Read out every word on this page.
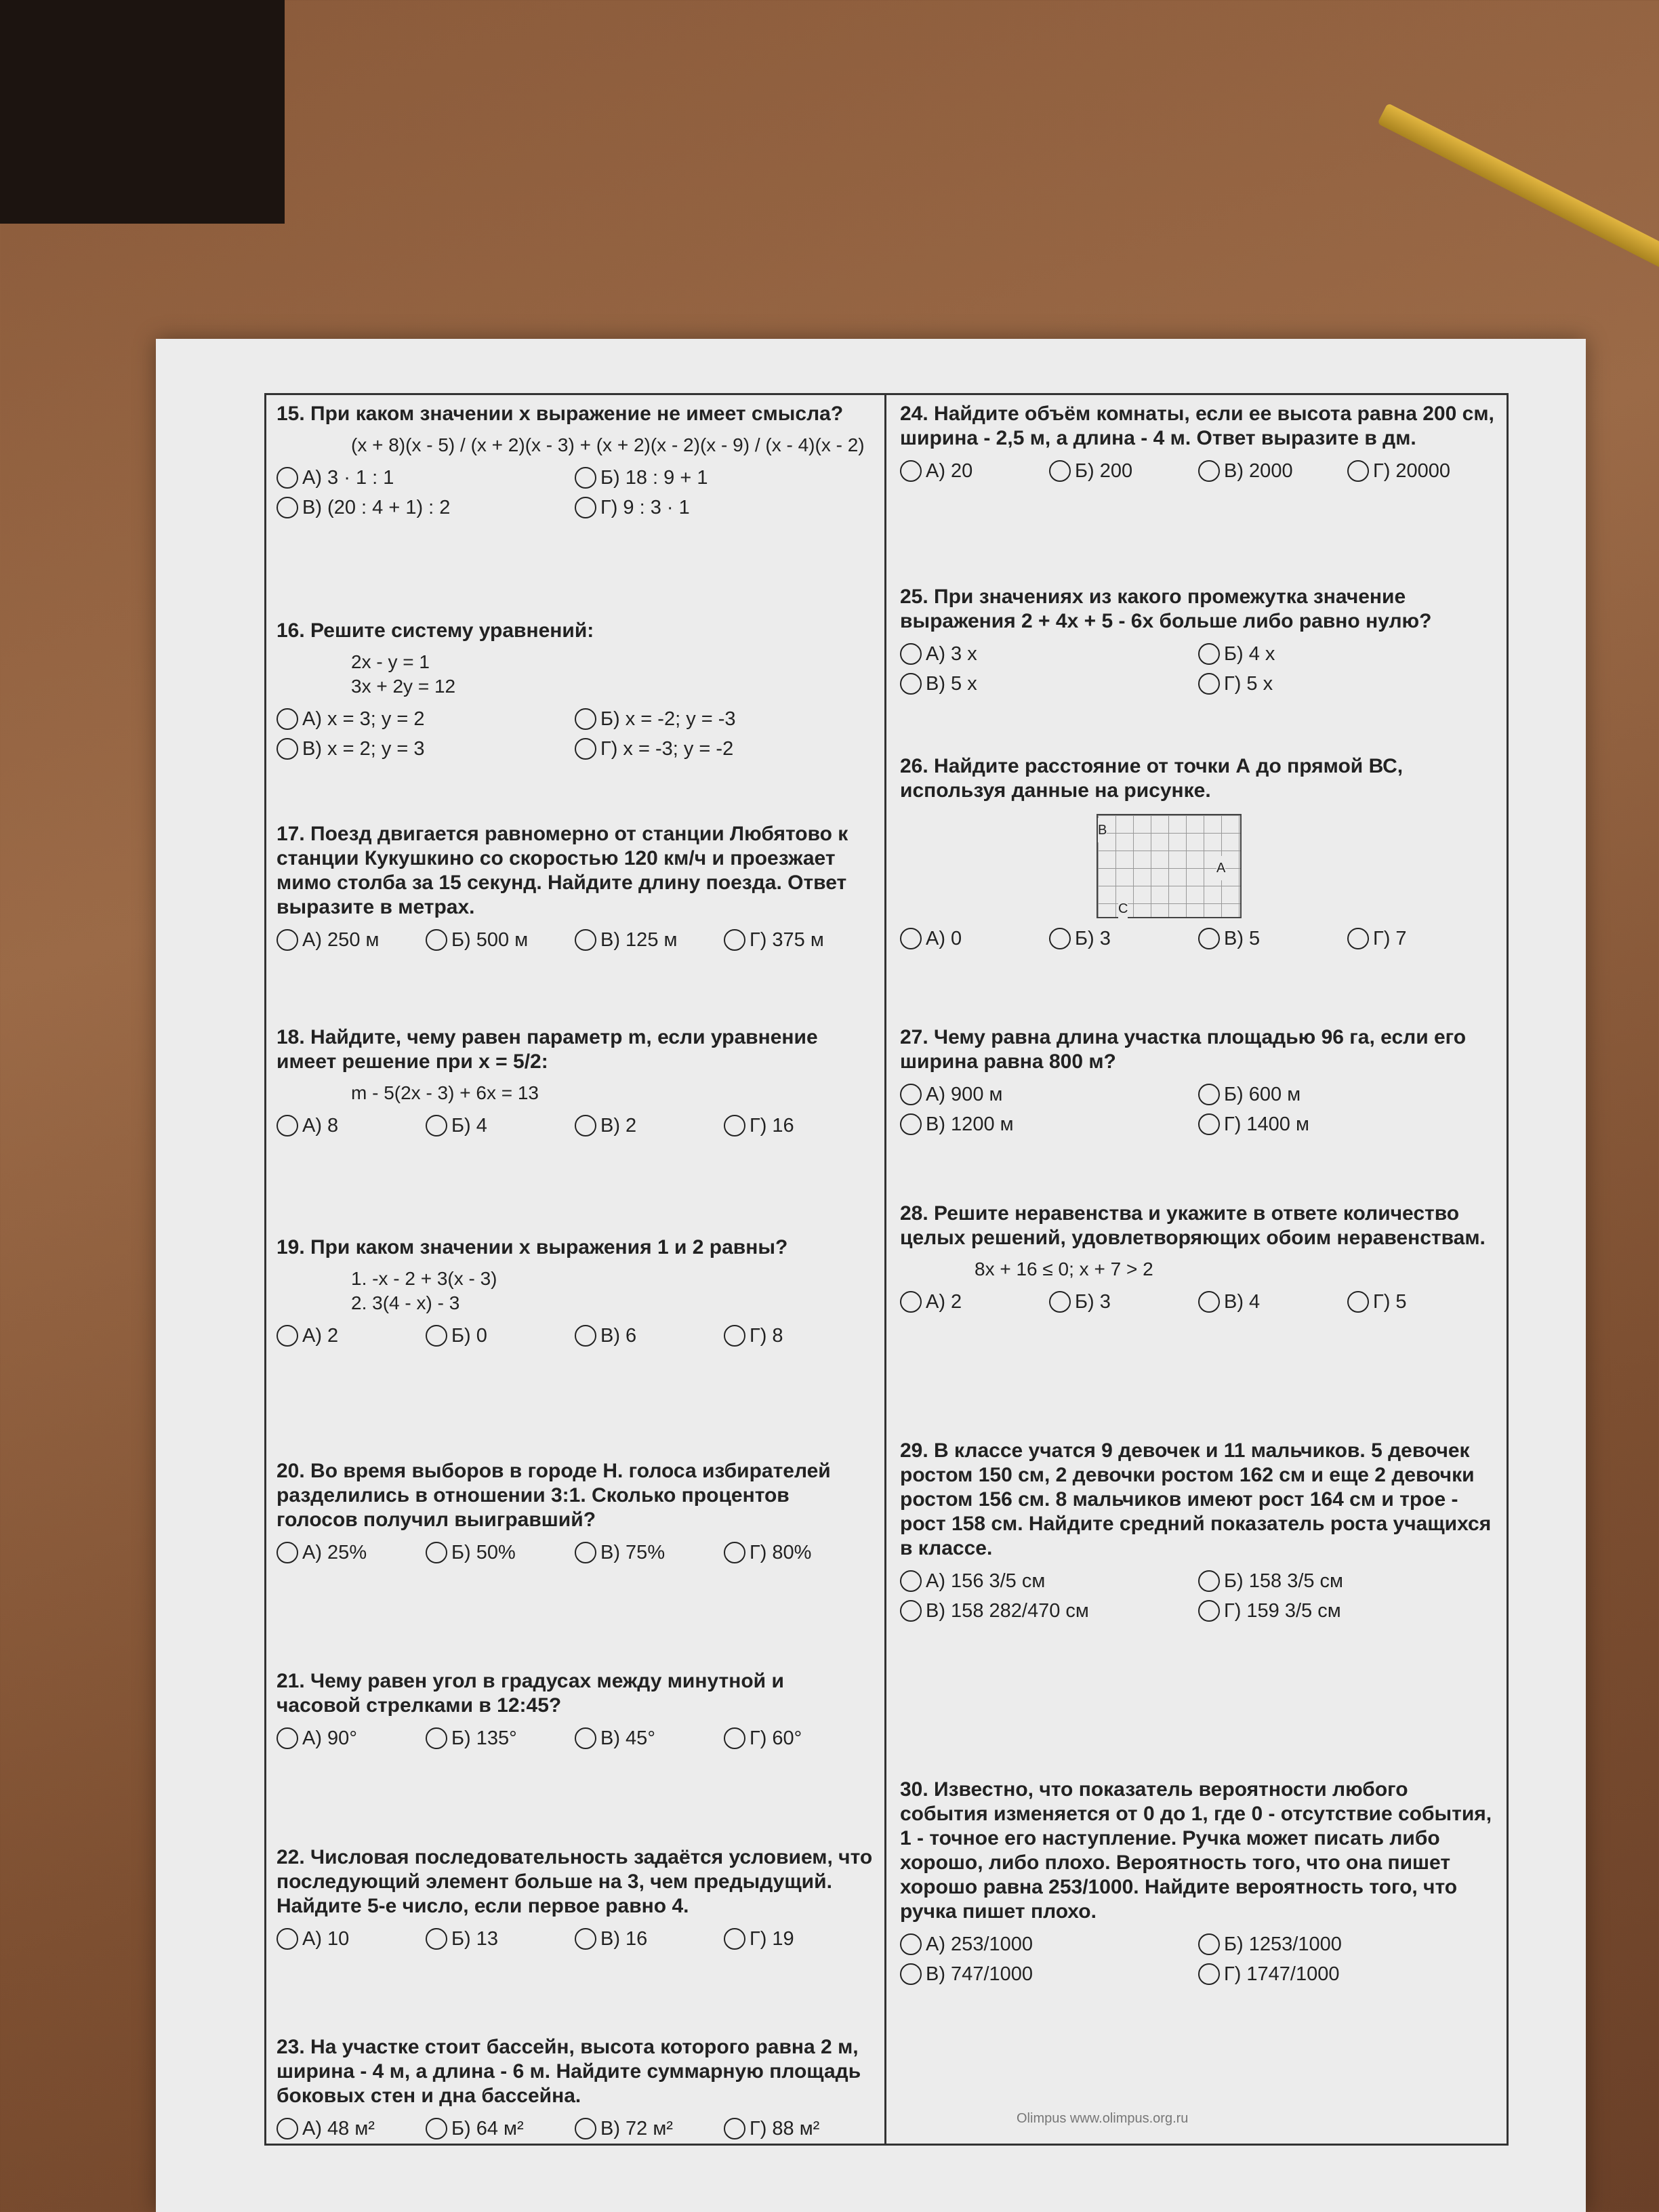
15. При каком значении x выражение не имеет смысла?
(x + 8)(x - 5) / (x + 2)(x - 3) + (x + 2)(x - 2)(x - 9) / (x - 4)(x - 2)
А) 3 · 1 : 1	Б) 18 : 9 + 1
В) (20 : 4 + 1) : 2	Г) 9 : 3 · 1
16. Решите систему уравнений:
2x - y = 1
3x + 2y = 12
А) x = 3; y = 2	Б) x = -2; y = -3
В) x = 2; y = 3	Г) x = -3; y = -2
17. Поезд двигается равномерно от станции Любятово к станции Кукушкино со скоростью 120 км/ч и проезжает мимо столба за 15 секунд. Найдите длину поезда. Ответ выразите в метрах.
А) 250 м	Б) 500 м	В) 125 м	Г) 375 м
18. Найдите, чему равен параметр m, если уравнение имеет решение при x = 5/2:
m - 5(2x - 3) + 6x = 13
А) 8	Б) 4	В) 2	Г) 16
19. При каком значении x выражения 1 и 2 равны?
1. -x - 2 + 3(x - 3)
2. 3(4 - x) - 3
А) 2	Б) 0	В) 6	Г) 8
20. Во время выборов в городе Н. голоса избирателей разделились в отношении 3:1. Сколько процентов голосов получил выигравший?
А) 25%	Б) 50%	В) 75%	Г) 80%
21. Чему равен угол в градусах между минутной и часовой стрелками в 12:45?
А) 90°	Б) 135°	В) 45°	Г) 60°
22. Числовая последовательность задаётся условием, что последующий элемент больше на 3, чем предыдущий. Найдите 5-е число, если первое равно 4.
А) 10	Б) 13	В) 16	Г) 19
23. На участке стоит бассейн, высота которого равна 2 м, ширина - 4 м, а длина - 6 м. Найдите суммарную площадь боковых стен и дна бассейна.
А) 48 м²	Б) 64 м²	В) 72 м²	Г) 88 м²
24. Найдите объём комнаты, если ее высота равна 200 см, ширина - 2,5 м, а длина - 4 м. Ответ выразите в дм.
А) 20	Б) 200	В) 2000	Г) 20000
25. При значениях из какого промежутка значение выражения 2 + 4x + 5 - 6x больше либо равно нулю?
А) 3 x	Б) 4 x
В) 5 x	Г) 5 x
26. Найдите расстояние от точки А до прямой ВС, используя данные на рисунке.
B
A
C
А) 0	Б) 3	В) 5	Г) 7
27. Чему равна длина участка площадью 96 га, если его ширина равна 800 м?
А) 900 м	Б) 600 м
В) 1200 м	Г) 1400 м
28. Решите неравенства и укажите в ответе количество целых решений, удовлетворяющих обоим неравенствам.
8x + 16 ≤ 0; x + 7 > 2
А) 2	Б) 3	В) 4	Г) 5
29. В классе учатся 9 девочек и 11 мальчиков. 5 девочек ростом 150 см, 2 девочки ростом 162 см и еще 2 девочки ростом 156 см. 8 мальчиков имеют рост 164 см и трое - рост 158 см. Найдите средний показатель роста учащихся в классе.
А) 156 3/5 см	Б) 158 3/5 см
В) 158 282/470 см	Г) 159 3/5 см
30. Известно, что показатель вероятности любого события изменяется от 0 до 1, где 0 - отсутствие события, 1 - точное его наступление. Ручка может писать либо хорошо, либо плохо. Вероятность того, что она пишет хорошо равна 253/1000. Найдите вероятность того, что ручка пишет плохо.
А) 253/1000	Б) 1253/1000
В) 747/1000	Г) 1747/1000
Olimpus www.olimpus.org.ru
